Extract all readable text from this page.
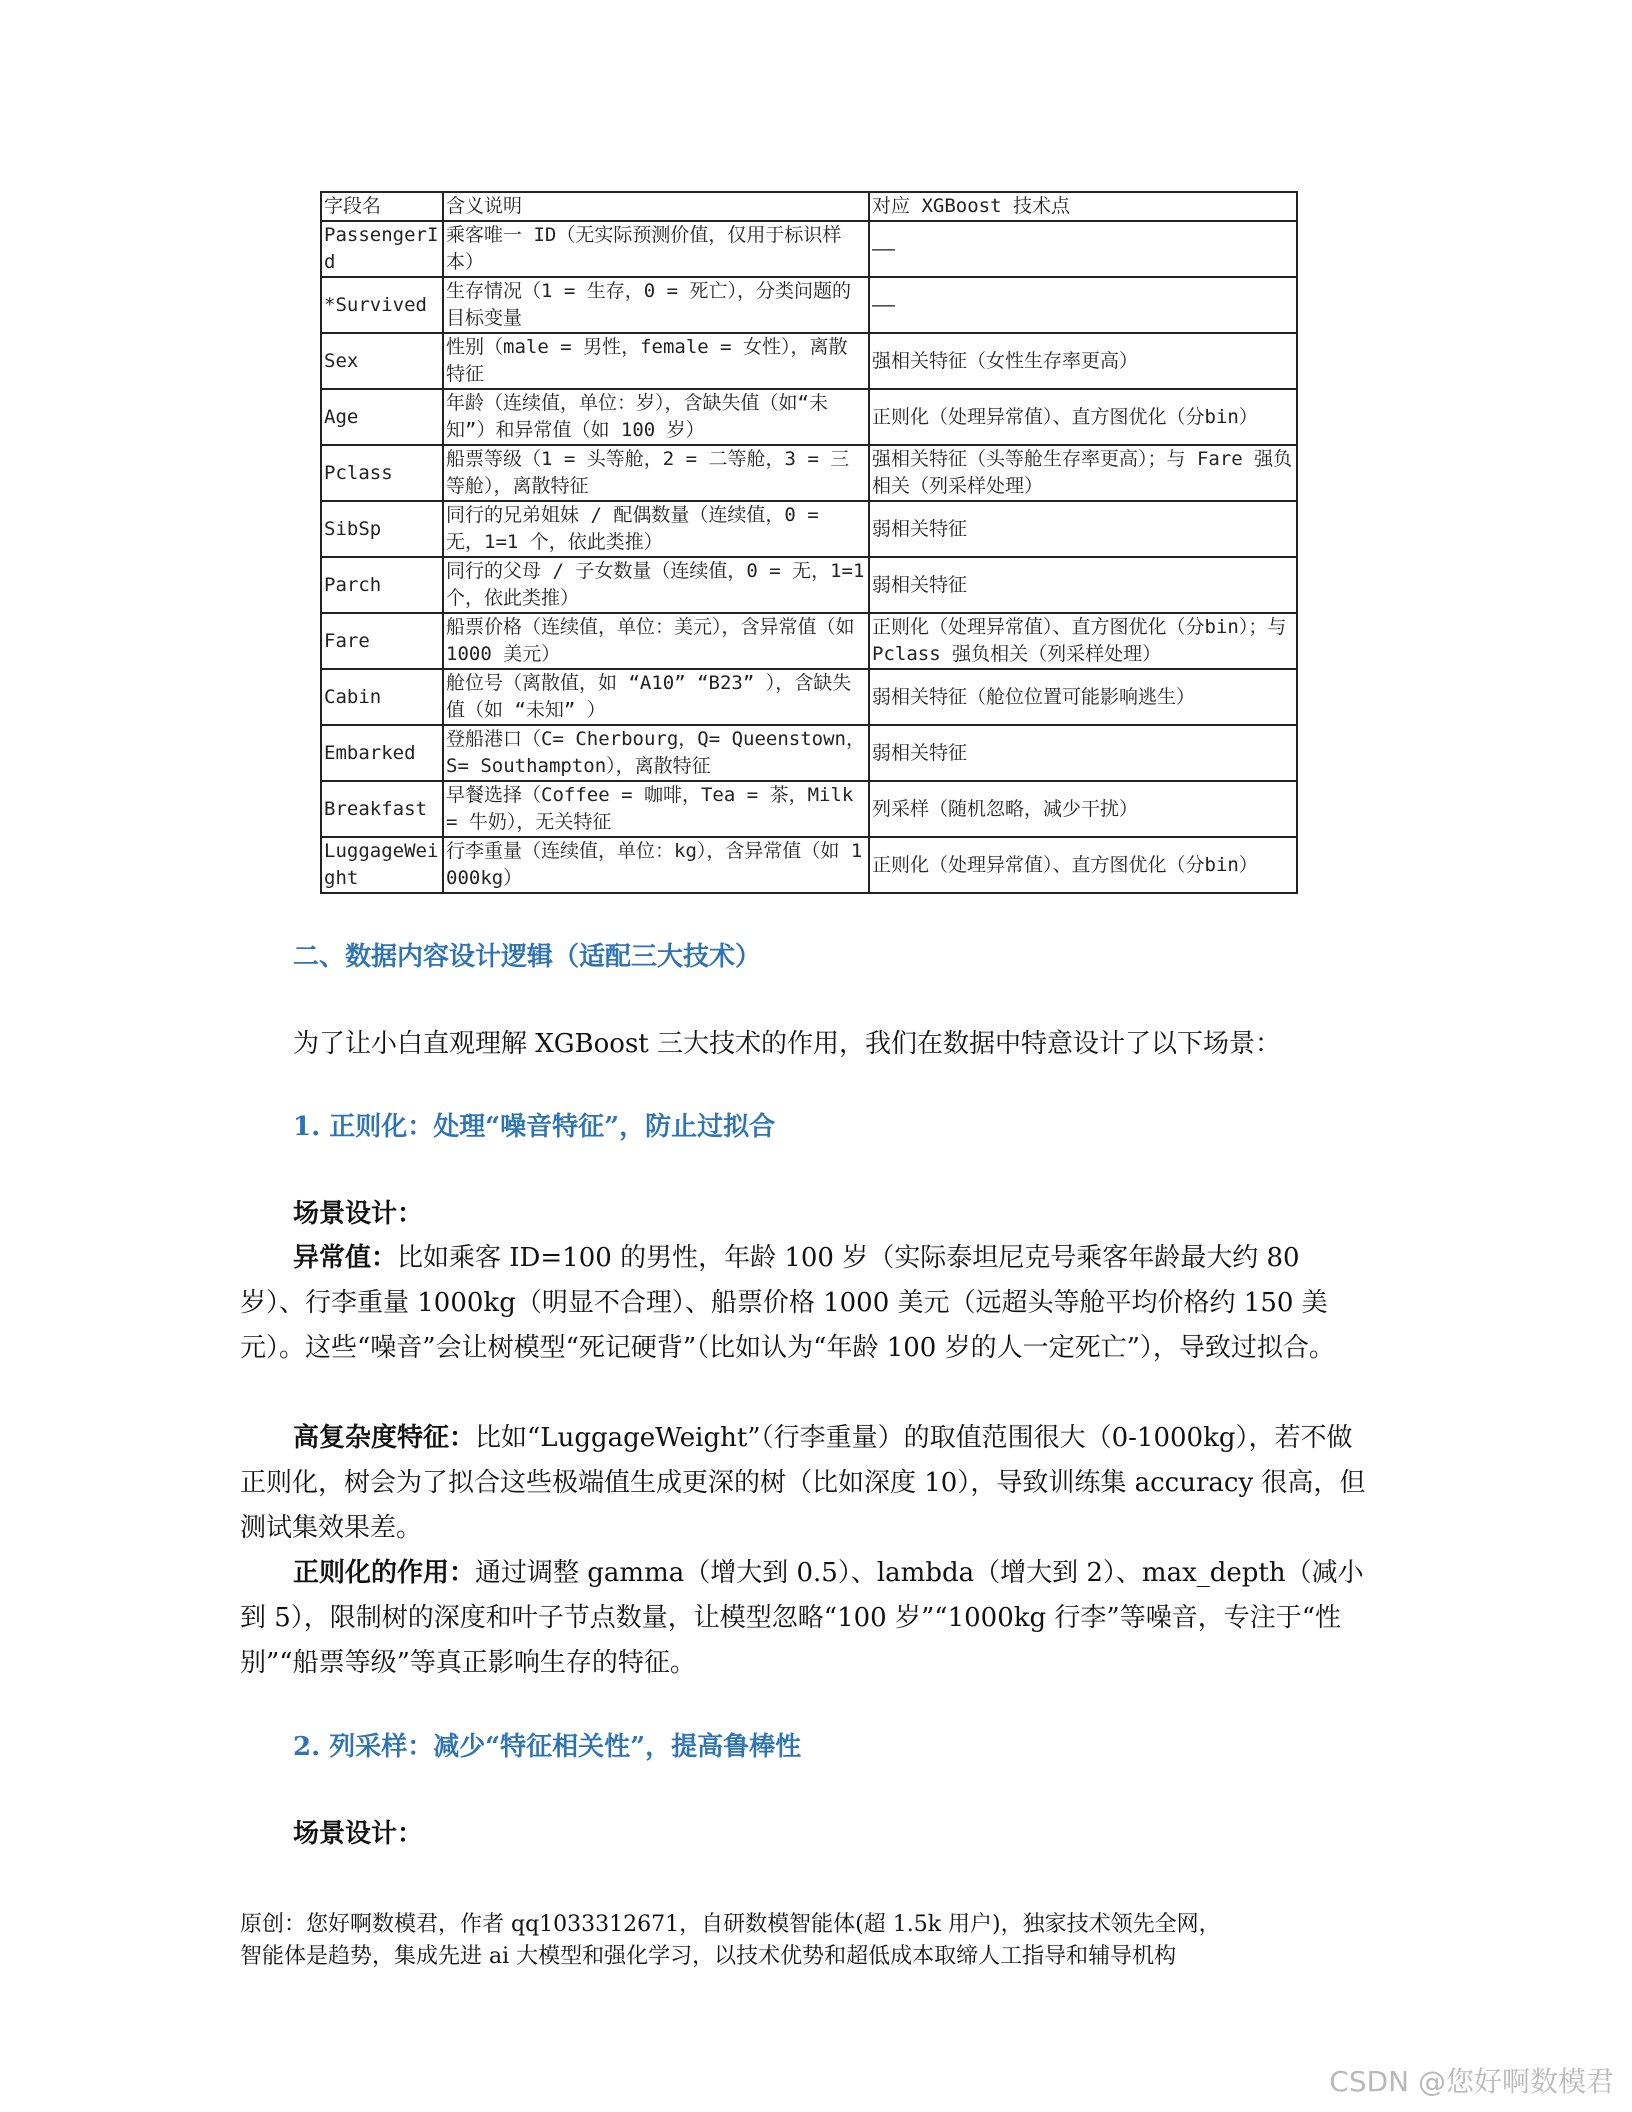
字段名	含义说明	对应 XGBoost 技术点
PassengerId	乘客唯一 ID（无实际预测价值，仅用于标识样本）	——
*Survived	生存情况（1 = 生存，0 = 死亡），分类问题的目标变量	——
Sex	性别（male = 男性，female = 女性），离散特征	强相关特征（女性生存率更高）
Age	年龄（连续值，单位：岁），含缺失值（如“未知”）和异常值（如 100 岁）	正则化（处理异常值）、直方图优化（分bin）
Pclass	船票等级（1 = 头等舱，2 = 二等舱，3 = 三等舱），离散特征	强相关特征（头等舱生存率更高）；与 Fare 强负相关（列采样处理）
SibSp	同行的兄弟姐妹 / 配偶数量（连续值，0 = 无，1=1 个，依此类推）	弱相关特征
Parch	同行的父母 / 子女数量（连续值，0 = 无，1=1 个，依此类推）	弱相关特征
Fare	船票价格（连续值，单位：美元），含异常值（如 1000 美元）	正则化（处理异常值）、直方图优化（分bin）；与 Pclass 强负相关（列采样处理）
Cabin	舱位号（离散值，如 “A10” “B23” ），含缺失值（如 “未知” ）	弱相关特征（舱位位置可能影响逃生）
Embarked	登船港口（C= Cherbourg，Q= Queenstown，S= Southampton），离散特征	弱相关特征
Breakfast	早餐选择（Coffee = 咖啡，Tea = 茶，Milk = 牛奶），无关特征	列采样（随机忽略，减少干扰）
LuggageWeight	行李重量（连续值，单位：kg），含异常值（如 1000kg）	正则化（处理异常值）、直方图优化（分bin）
二、数据内容设计逻辑（适配三大技术）

为了让小白直观理解 XGBoost 三大技术的作用，我们在数据中特意设计了以下场景：

1. 正则化：处理“噪音特征”，防止过拟合

场景设计：

异常值：比如乘客 ID=100 的男性，年龄 100 岁（实际泰坦尼克号乘客年龄最大约 80 岁）、行李重量 1000kg（明显不合理）、船票价格 1000 美元（远超头等舱平均价格约 150 美元）。这些“噪音”会让树模型“死记硬背”（比如认为“年龄 100 岁的人一定死亡”），导致过拟合。

高复杂度特征：比如“LuggageWeight”（行李重量）的取值范围很大（0-1000kg），若不做正则化，树会为了拟合这些极端值生成更深的树（比如深度 10），导致训练集 accuracy 很高，但测试集效果差。

正则化的作用：通过调整 gamma（增大到 0.5）、lambda（增大到 2）、max_depth（减小到 5），限制树的深度和叶子节点数量，让模型忽略“100 岁”“1000kg 行李”等噪音，专注于“性别”“船票等级”等真正影响生存的特征。

2. 列采样：减少“特征相关性”，提高鲁棒性

场景设计：

原创：您好啊数模君，作者 qq1033312671，自研数模智能体(超 1.5k 用户)，独家技术领先全网，

智能体是趋势，集成先进 ai 大模型和强化学习，以技术优势和超低成本取缔人工指导和辅导机构

CSDN @您好啊数模君
